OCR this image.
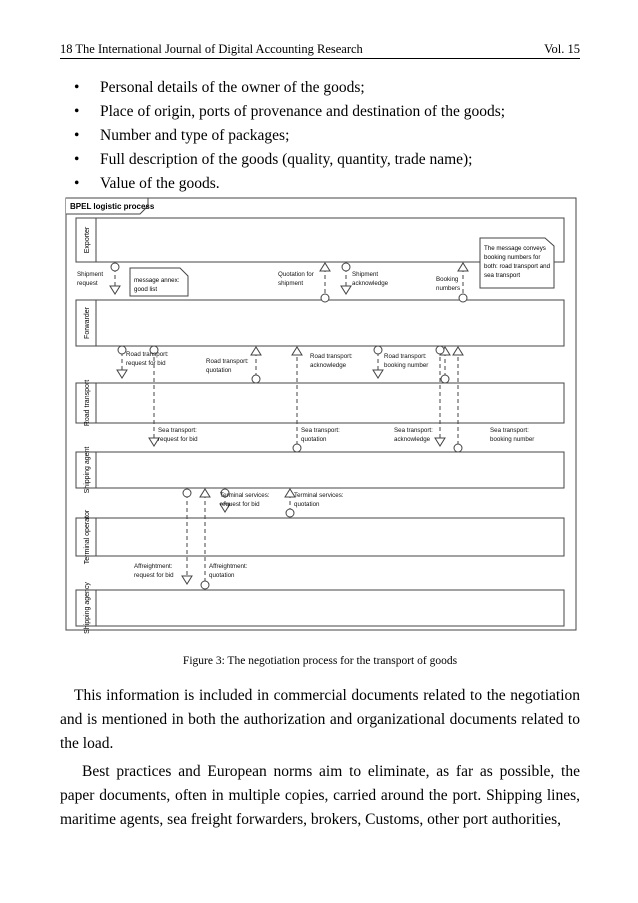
18 The International Journal of Digital Accounting Research	Vol. 15
• Personal details of the owner of the goods;
• Place of origin, ports of provenance and destination of the goods;
• Number and type of packages;
• Full description of the goods (quality, quantity, trade name);
• Value of the goods.
BPEL logistic process
Exporter
Forwarder
Road transport
Shipping agent
Terminal operator
Shipping agency
The message conveys booking numbers for both: road transport and sea transport
message annex: good list
Shipment request
Quotation for shipment
Shipment acknowledge
Booking numbers
Road transport: request for bid	Road transport: quotation
Road transport: acknowledge
Road transport: booking number
Sea transport: request for bid
Sea transport: quotation
Sea transport: acknowledge
Sea transport: booking number
Terminal services: request for bid
Terminal services: quotation
Affreightment: request for bid
Affreightment: quotation
Figure 3: The negotiation process for the transport of goods

This information is included in commercial documents related to the negotiation and is mentioned in both the authorization and organizational documents related to the load.

Best practices and European norms aim to eliminate, as far as possible, the paper documents, often in multiple copies, carried around the port. Shipping lines, maritime agents, sea freight forwarders, brokers, Customs, other port authorities,
